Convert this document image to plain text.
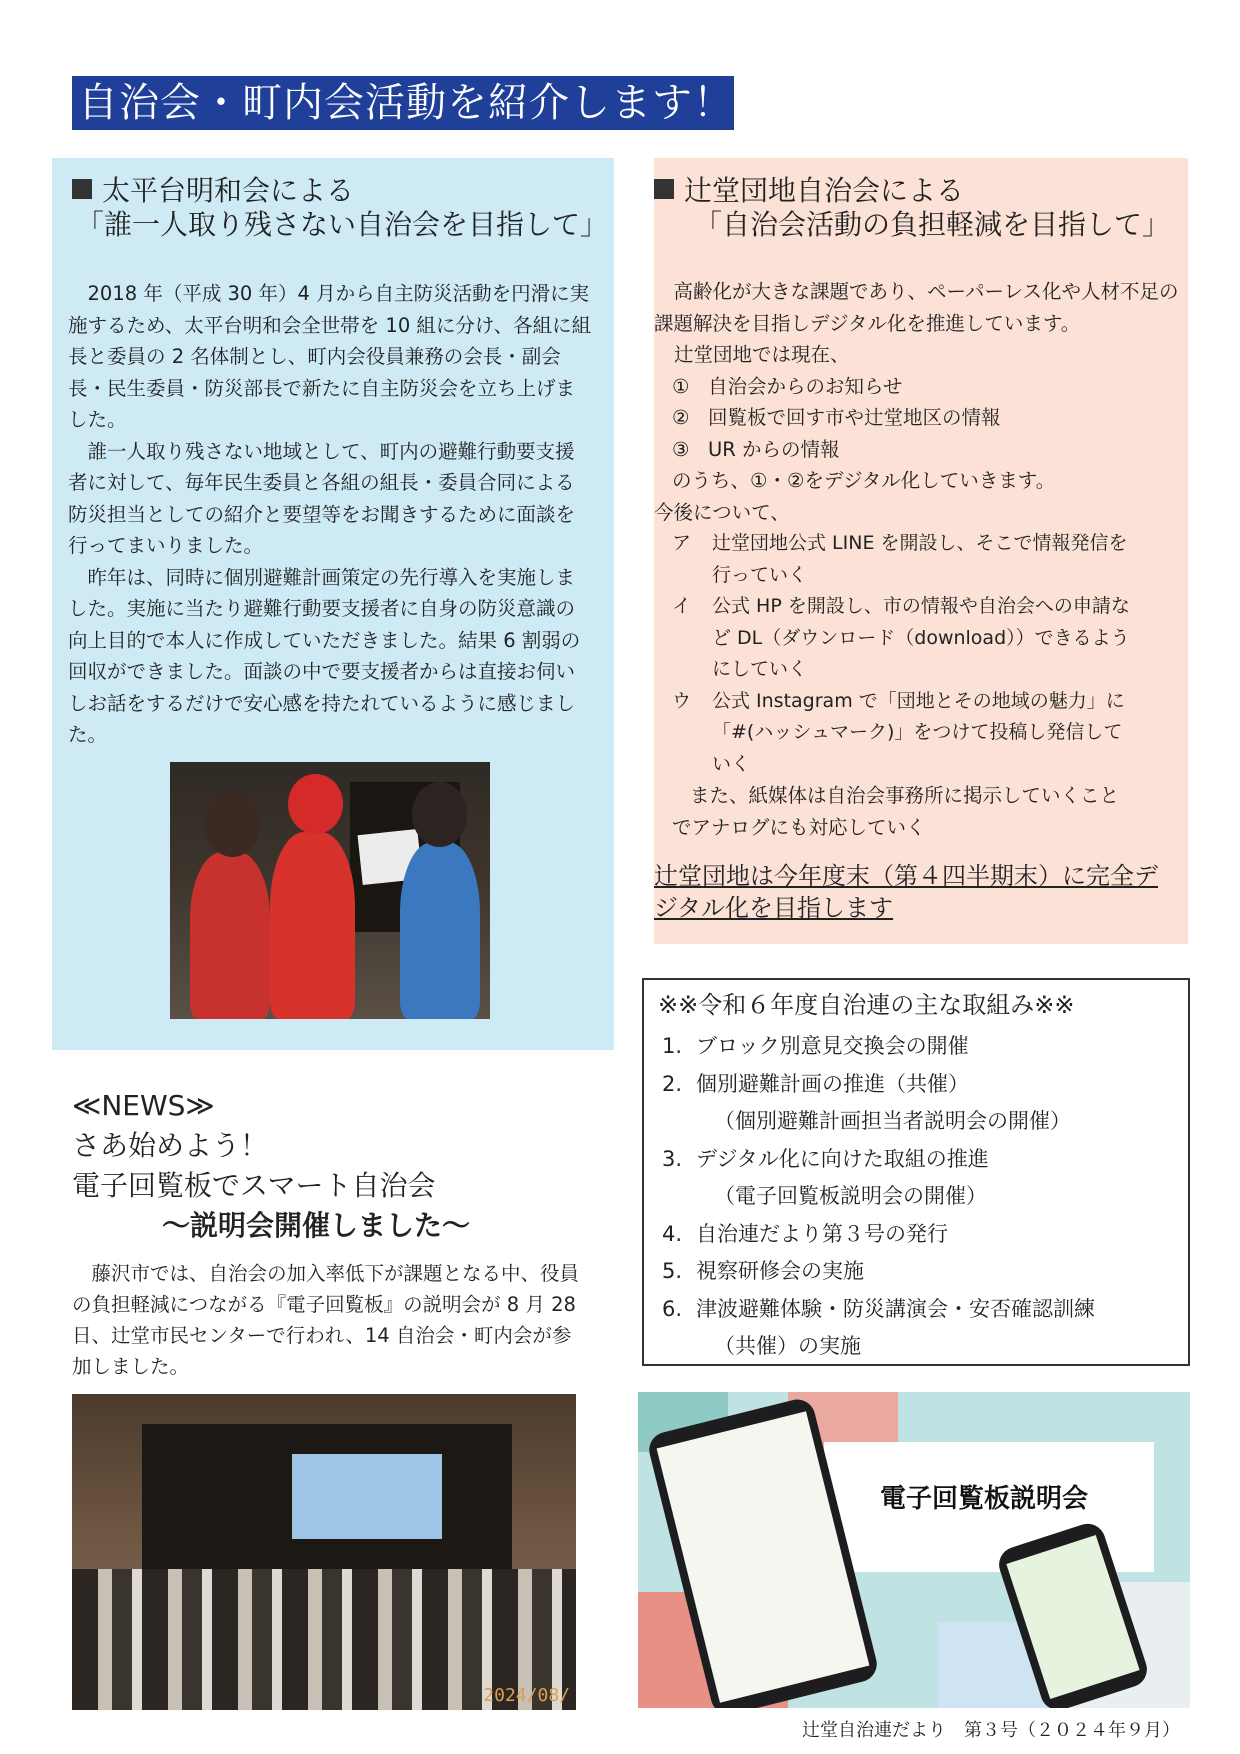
自治会・町内会活動を紹介します！
太平台明和会による
「誰一人取り残さない自治会を目指して」

2018 年（平成 30 年）4 月から自主防災活動を円滑に実施するため、太平台明和会全世帯を 10 組に分け、各組に組長と委員の 2 名体制とし、町内会役員兼務の会長・副会長・民生委員・防災部長で新たに自主防災会を立ち上げました。

誰一人取り残さない地域として、町内の避難行動要支援者に対して、毎年民生委員と各組の組長・委員合同による防災担当としての紹介と要望等をお聞きするために面談を行ってまいりました。

昨年は、同時に個別避難計画策定の先行導入を実施しました。実施に当たり避難行動要支援者に自身の防災意識の向上目的で本人に作成していただきました。結果 6 割弱の回収ができました。面談の中で要支援者からは直接お伺いしお話をするだけで安心感を持たれているように感じました。

辻堂団地自治会による
「自治会活動の負担軽減を目指して」

高齢化が大きな課題であり、ペーパーレス化や人材不足の課題解決を目指しデジタル化を推進しています。

辻堂団地では現在、

① 自治会からのお知らせ

② 回覧板で回す市や辻堂地区の情報

③ UR からの情報

のうち、①・②をデジタル化していきます。

今後について、

ア 辻堂団地公式 LINE を開設し、そこで情報発信を

行っていく

イ 公式 HP を開設し、市の情報や自治会への申請な

ど DL（ダウンロード（download））できるよう

にしていく

ウ 公式 Instagram で「団地とその地域の魅力」に

「#(ハッシュマーク)」をつけて投稿し発信して

いく

また、紙媒体は自治会事務所に掲示していくこと

でアナログにも対応していく

辻堂団地は今年度末（第４四半期末）に完全デ

ジタル化を目指します

≪NEWS≫

さあ始めよう！

電子回覧板でスマート自治会

～説明会開催しました～

藤沢市では、自治会の加入率低下が課題となる中、役員の負担軽減につながる『電子回覧板』の説明会が 8 月 28 日、辻堂市民センターで行われ、14 自治会・町内会が参加しました。

2024/08/
※※令和６年度自治連の主な取組み※※
1. ブロック別意見交換会の開催
2. 個別避難計画の推進（共催）
（個別避難計画担当者説明会の開催）
3. デジタル化に向けた取組の推進
（電子回覧板説明会の開催）
4. 自治連だより第３号の発行
5. 視察研修会の実施
6. 津波避難体験・防災講演会・安否確認訓練
（共催）の実施
電子回覧板説明会
辻堂自治連だより　第３号（２０２４年９月）
